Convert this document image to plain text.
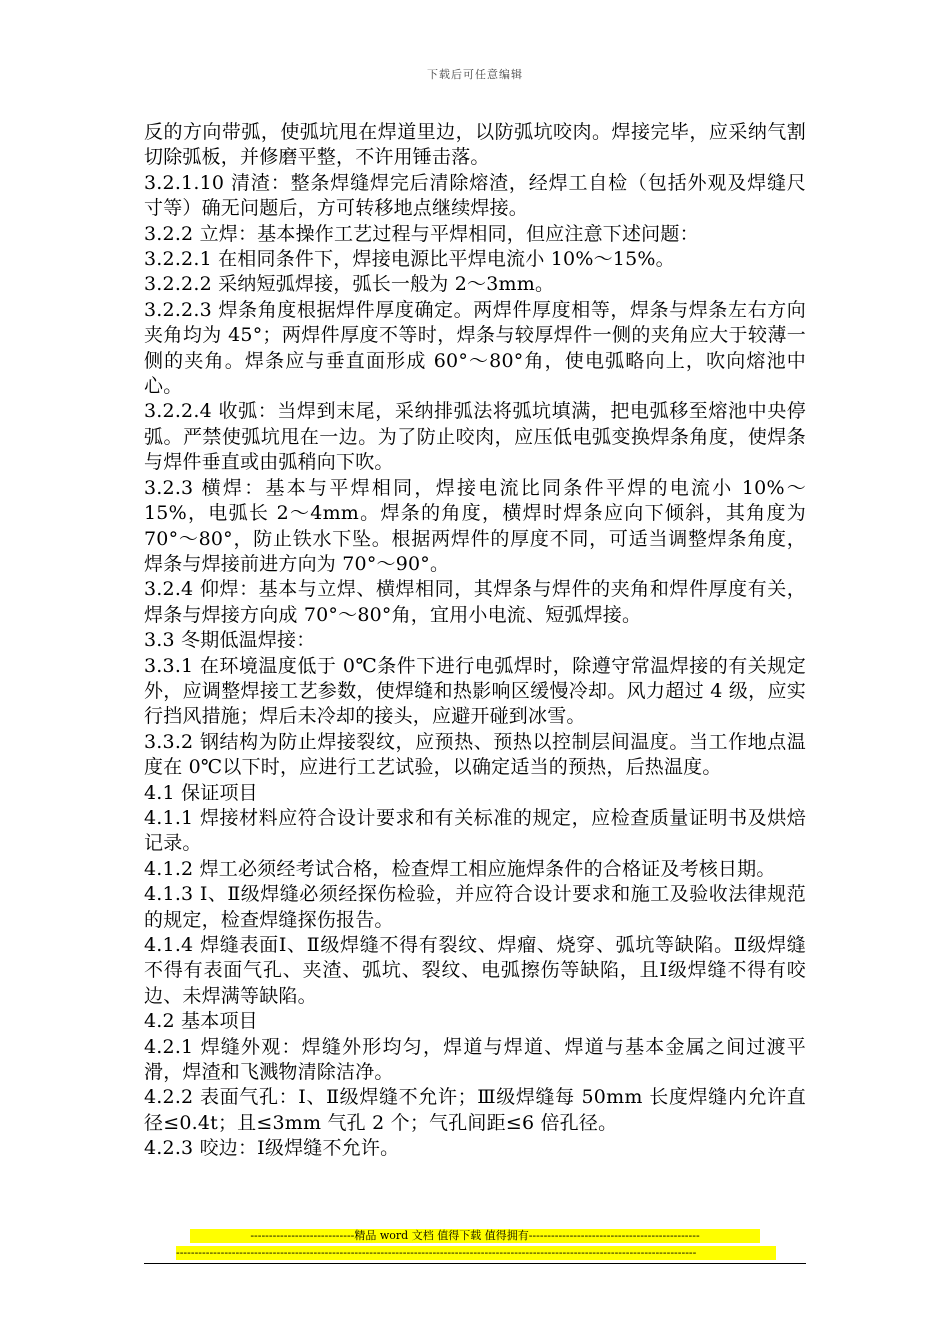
下载后可任意编辑

反的方向带弧，使弧坑甩在焊道里边，以防弧坑咬肉。焊接完毕，应采纳气割切除弧板，并修磨平整，不许用锤击落。

3.2.1.10 清渣：整条焊缝焊完后清除熔渣，经焊工自检（包括外观及焊缝尺寸等）确无问题后，方可转移地点继续焊接。

3.2.2 立焊：基本操作工艺过程与平焊相同，但应注意下述问题：

3.2.2.1 在相同条件下，焊接电源比平焊电流小 10%～15%。

3.2.2.2 采纳短弧焊接，弧长一般为 2～3mm。

3.2.2.3 焊条角度根据焊件厚度确定。两焊件厚度相等，焊条与焊条左右方向夹角均为 45°；两焊件厚度不等时，焊条与较厚焊件一侧的夹角应大于较薄一侧的夹角。焊条应与垂直面形成 60°～80°角，使电弧略向上，吹向熔池中心。

3.2.2.4 收弧：当焊到末尾，采纳排弧法将弧坑填满，把电弧移至熔池中央停弧。严禁使弧坑甩在一边。为了防止咬肉，应压低电弧变换焊条角度，使焊条与焊件垂直或由弧稍向下吹。

3.2.3 横焊：基本与平焊相同，焊接电流比同条件平焊的电流小 10%～15%，电弧长 2～4mm。焊条的角度，横焊时焊条应向下倾斜，其角度为 70°～80°，防止铁水下坠。根据两焊件的厚度不同，可适当调整焊条角度，焊条与焊接前进方向为 70°～90°。

3.2.4 仰焊：基本与立焊、横焊相同，其焊条与焊件的夹角和焊件厚度有关，焊条与焊接方向成 70°～80°角，宜用小电流、短弧焊接。

3.3 冬期低温焊接：

3.3.1 在环境温度低于 0℃条件下进行电弧焊时，除遵守常温焊接的有关规定外，应调整焊接工艺参数，使焊缝和热影响区缓慢冷却。风力超过 4 级，应实行挡风措施；焊后未冷却的接头，应避开碰到冰雪。

3.3.2 钢结构为防止焊接裂纹，应预热、预热以控制层间温度。当工作地点温度在 0℃以下时，应进行工艺试验，以确定适当的预热，后热温度。

4.1 保证项目

4.1.1 焊接材料应符合设计要求和有关标准的规定，应检查质量证明书及烘焙记录。

4.1.2 焊工必须经考试合格，检查焊工相应施焊条件的合格证及考核日期。

4.1.3 Ⅰ、Ⅱ级焊缝必须经探伤检验，并应符合设计要求和施工及验收法律规范的规定，检查焊缝探伤报告。

4.1.4 焊缝表面Ⅰ、Ⅱ级焊缝不得有裂纹、焊瘤、烧穿、弧坑等缺陷。Ⅱ级焊缝不得有表面气孔、夹渣、弧坑、裂纹、电弧擦伤等缺陷，且Ⅰ级焊缝不得有咬边、未焊满等缺陷。

4.2 基本项目

4.2.1 焊缝外观：焊缝外形均匀，焊道与焊道、焊道与基本金属之间过渡平滑，焊渣和飞溅物清除洁净。

4.2.2 表面气孔：Ⅰ、Ⅱ级焊缝不允许；Ⅲ级焊缝每 50mm 长度焊缝内允许直径≤0.4t；且≤3mm 气孔 2 个；气孔间距≤6 倍孔径。

4.2.3 咬边：Ⅰ级焊缝不允许。

----------------------------精品 word 文档 值得下载 值得拥有----------------------------------------------
--------------------------------------------------------------------------------------------------------------------------------------------
